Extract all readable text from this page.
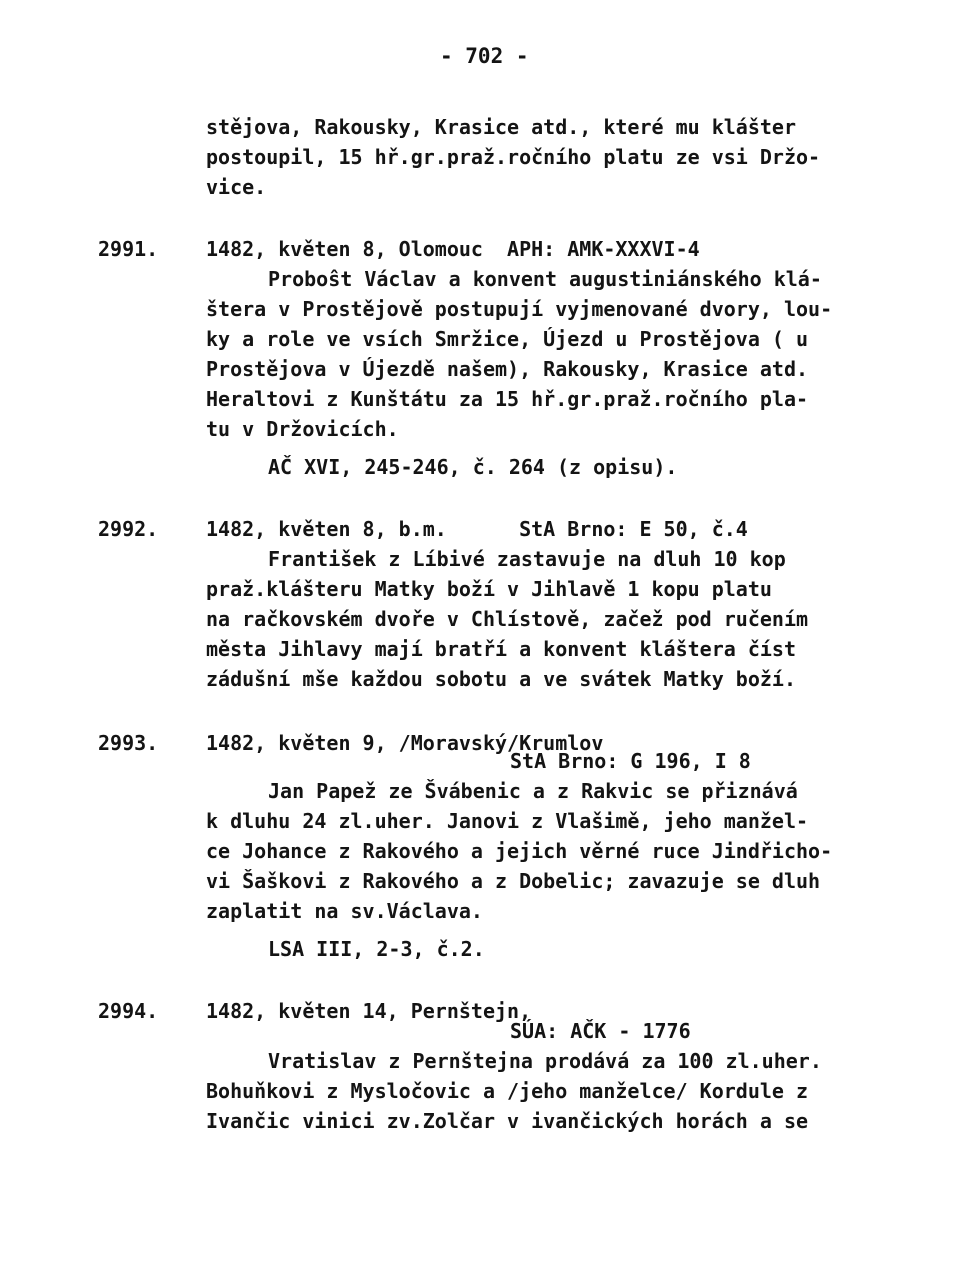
- 702 -
stějova, Rakousky, Krasice atd., které mu klášter
postoupil, 15 hř.gr.praž.ročního platu ze vsi Držo-
vice.
2991. 1482, květen 8, Olomouc  APH: AMK-XXXVI-4
Proboŝt Václav a konvent augustiniánského klá-
štera v Prostějově postupují vyjmenované dvory, lou-
ky a role ve vsích Smržice, Újezd u Prostějova ( u
Prostějova v Újezdě našem), Rakousky, Krasice atd.
Heraltovi z Kunštátu za 15 hř.gr.praž.ročního pla-
tu v Držovicích.
AČ XVI, 245-246, č. 264 (z opisu).
2992. 1482, květen 8, b.m.      StA Brno: E 50, č.4
František z Líbivé zastavuje na dluh 10 kop
praž.klášteru Matky boží v Jihlavě 1 kopu platu
na račkovském dvoře v Chlístově, začež pod ručením
města Jihlavy mají bratří a konvent kláštera číst
zádušní mše každou sobotu a ve svátek Matky boží.
2993. 1482, květen 9, /Moravský/Krumlov
StA Brno: G 196, I 8
Jan Papež ze Švábenic a z Rakvic se přiznává
k dluhu 24 zl.uher. Janovi z Vlašimě, jeho manžel-
ce Johance z Rakového a jejich věrné ruce Jindřicho-
vi Šaškovi z Rakového a z Dobelic; zavazuje se dluh
zaplatit na sv.Václava.
LSA III, 2-3, č.2.
2994. 1482, květen 14, Pernštejn,
SÚA: AČK - 1776
Vratislav z Pernštejna prodává za 100 zl.uher.
Bohuňkovi z Mysločovic a /jeho manželce/ Kordule z
Ivančic vinici zv.Zolčar v ivančických horách a se
